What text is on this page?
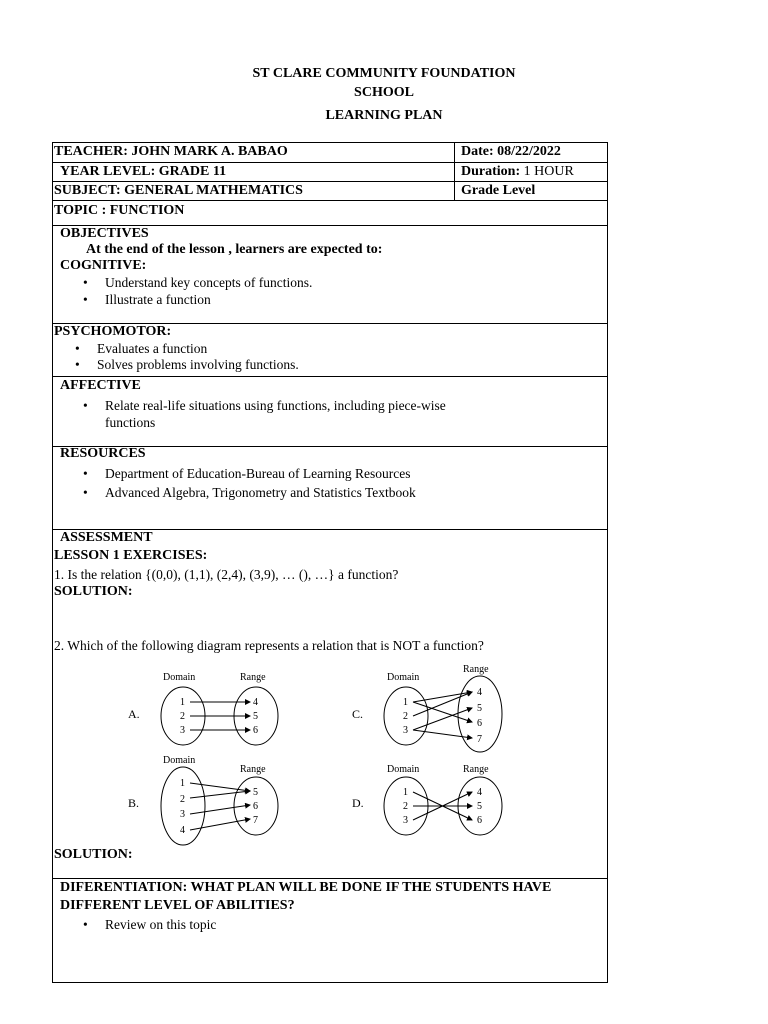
ST CLARE COMMUNITY FOUNDATION
SCHOOL
LEARNING PLAN
TEACHER: JOHN MARK A. BABAO	Date: 08/22/2022
YEAR LEVEL: GRADE 11	Duration: 1 HOUR
SUBJECT: GENERAL MATHEMATICS	Grade Level
TOPIC : FUNCTION
OBJECTIVES
At the end of the lesson , learners are expected to:
COGNITIVE:
• Understand key concepts of functions.
• Illustrate a function
PSYCHOMOTOR:
• Evaluates a function
• Solves problems involving functions.
AFFECTIVE
• Relate real-life situations using functions, including piece-wise
functions
RESOURCES
• Department of Education-Bureau of Learning Resources
• Advanced Algebra, Trigonometry and Statistics Textbook
ASSESSMENT
LESSON 1 EXERCISES:
1. Is the relation {(0,0), (1,1), (2,4), (3,9), … (), …} a function?
SOLUTION:
2. Which of the following diagram represents a relation that is NOT a function?
A.
Domain	Range
1
2
3
4
5
6
C.
Domain
Range
1
2
3
4
5
6
7
B.
Domain
Range
1
2
3
4
5
6
7
D.
Domain	Range
1
2
3
4
5
6
SOLUTION:
DIFERENTIATION: WHAT PLAN WILL BE DONE IF THE STUDENTS HAVE
DIFFERENT LEVEL OF ABILITIES?
• Review on this topic
